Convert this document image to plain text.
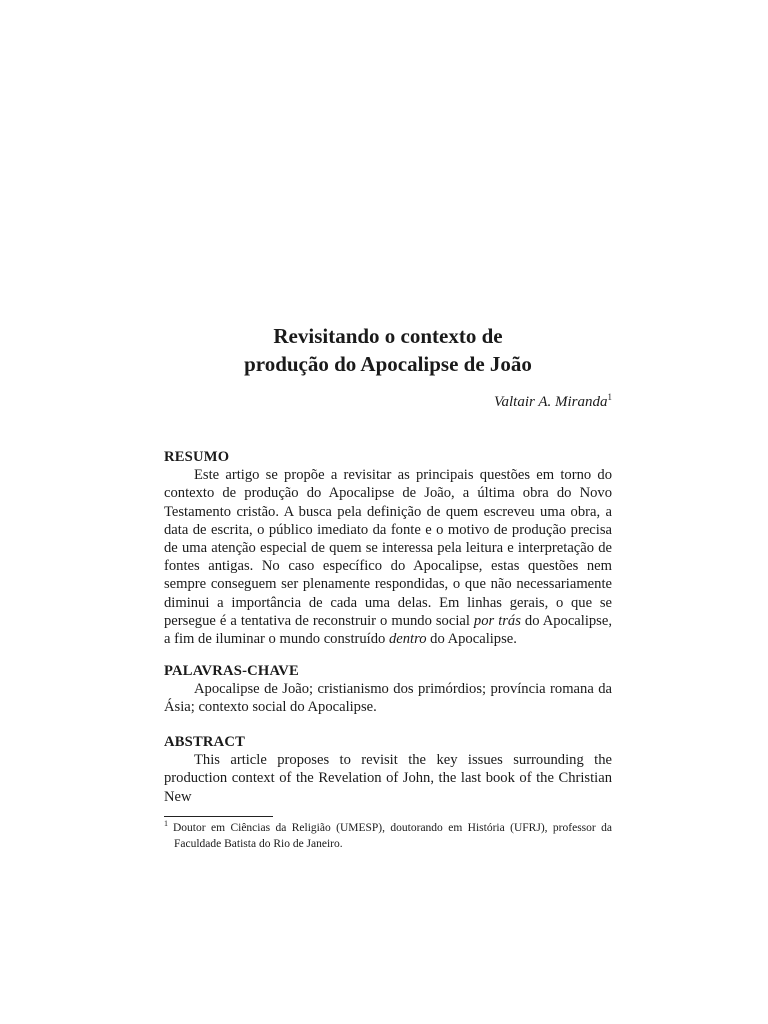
Revisitando o contexto de
produção do Apocalipse de João
Valtair A. Miranda$^1$
RESUMO
Este artigo se propõe a revisitar as principais questões em torno do contexto de produção do Apocalipse de João, a última obra do Novo Testamento cristão. A busca pela definição de quem escreveu uma obra, a data de escrita, o público imediato da fonte e o motivo de produção precisa de uma atenção especial de quem se interessa pela leitura e interpretação de fontes antigas. No caso específico do Apocalipse, estas questões nem sempre conseguem ser plenamente respondidas, o que não necessariamente diminui a importância de cada uma delas. Em linhas gerais, o que se persegue é a tentativa de reconstruir o mundo social por trás do Apocalipse, a fim de iluminar o mundo construído dentro do Apocalipse.
PALAVRAS-CHAVE
Apocalipse de João; cristianismo dos primórdios; província romana da Ásia; contexto social do Apocalipse.
ABSTRACT
This article proposes to revisit the key issues surrounding the production context of the Revelation of John, the last book of the Christian New
$^1$ Doutor em Ciências da Religião (UMESP), doutorando em História (UFRJ), professor da Faculdade Batista do Rio de Janeiro.
